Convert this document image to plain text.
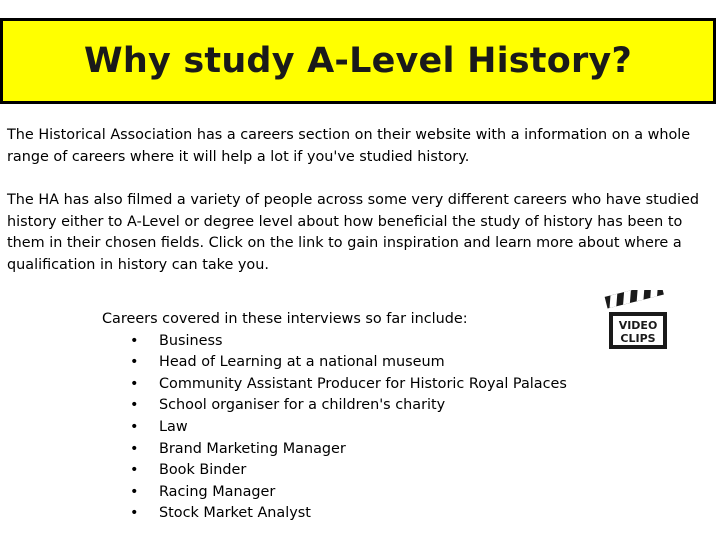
Why study A-Level History?

The Historical Association has a careers section on their website with a information on a whole range of careers where it will help a lot if you've studied history.

The HA has also filmed a variety of people across some very different careers who have studied history either to A-Level or degree level about how beneficial the study of history has been to them in their chosen fields. Click on the link to gain inspiration and learn more about where a qualification in history can take you.

Careers covered in these interviews so far include:

• Business
• Head of Learning at a national museum
• Community Assistant Producer for Historic Royal Palaces
• School organiser for a children's charity
• Law
• Brand Marketing Manager
• Book Binder
• Racing Manager
• Stock Market Analyst
VIDEO
CLIPS
